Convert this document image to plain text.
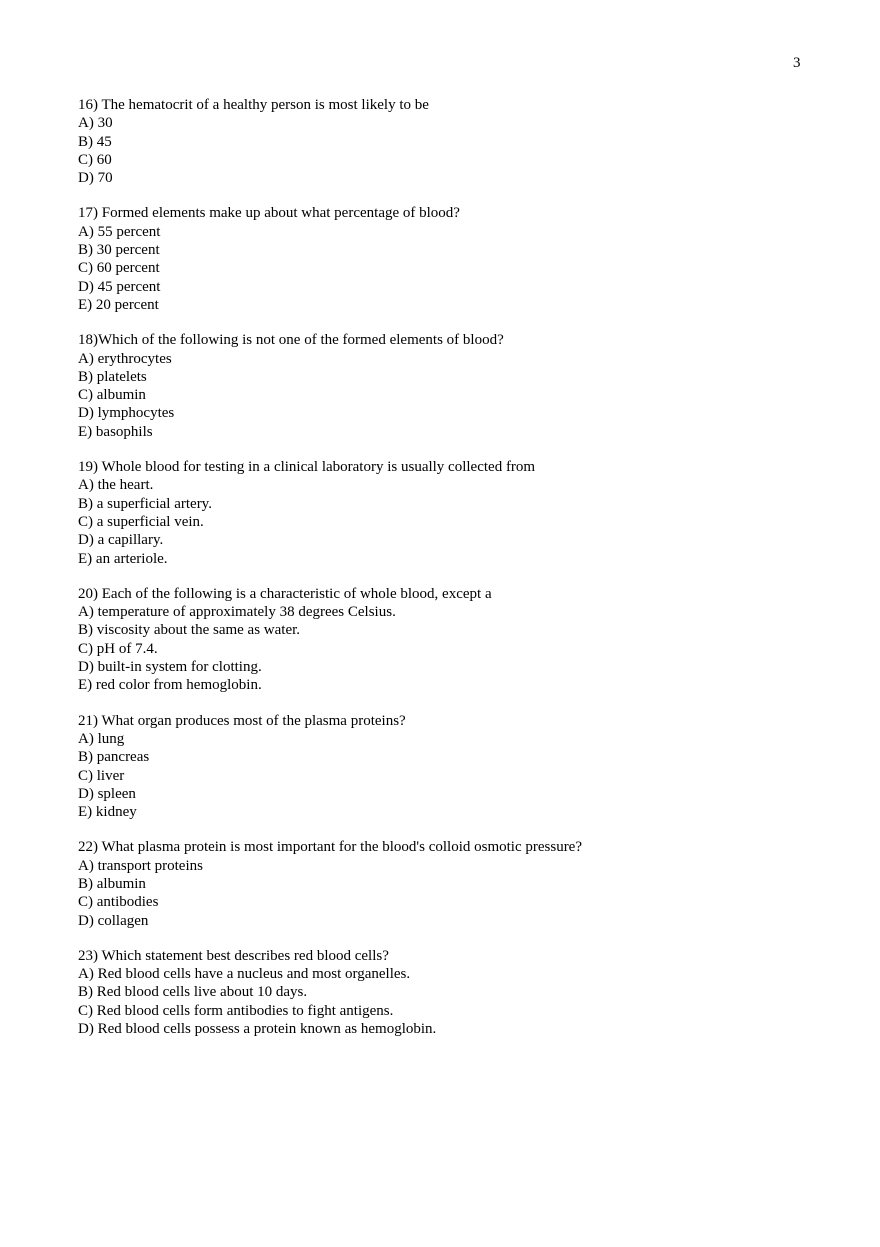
3

16) The hematocrit of a healthy person is most likely to be

A) 30

B) 45

C) 60

D) 70

17) Formed elements make up about what percentage of blood?

A) 55 percent

B) 30 percent

C) 60 percent

D) 45 percent

E) 20 percent

18)Which of the following is not one of the formed elements of blood?

A) erythrocytes

B) platelets

C) albumin

D) lymphocytes

E) basophils

19) Whole blood for testing in a clinical laboratory is usually collected from

A) the heart.

B) a superficial artery.

C) a superficial vein.

D) a capillary.

E) an arteriole.

20) Each of the following is a characteristic of whole blood, except a

A) temperature of approximately 38 degrees Celsius.

B) viscosity about the same as water.

C) pH of 7.4.

D) built-in system for clotting.

E) red color from hemoglobin.

21) What organ produces most of the plasma proteins?

A) lung

B) pancreas

C) liver

D) spleen

E) kidney

22) What plasma protein is most important for the blood's colloid osmotic pressure?

A) transport proteins

B) albumin

C) antibodies

D) collagen

23) Which statement best describes red blood cells?

A) Red blood cells have a nucleus and most organelles.

B) Red blood cells live about 10 days.

C) Red blood cells form antibodies to fight antigens.

D) Red blood cells possess a protein known as hemoglobin.
